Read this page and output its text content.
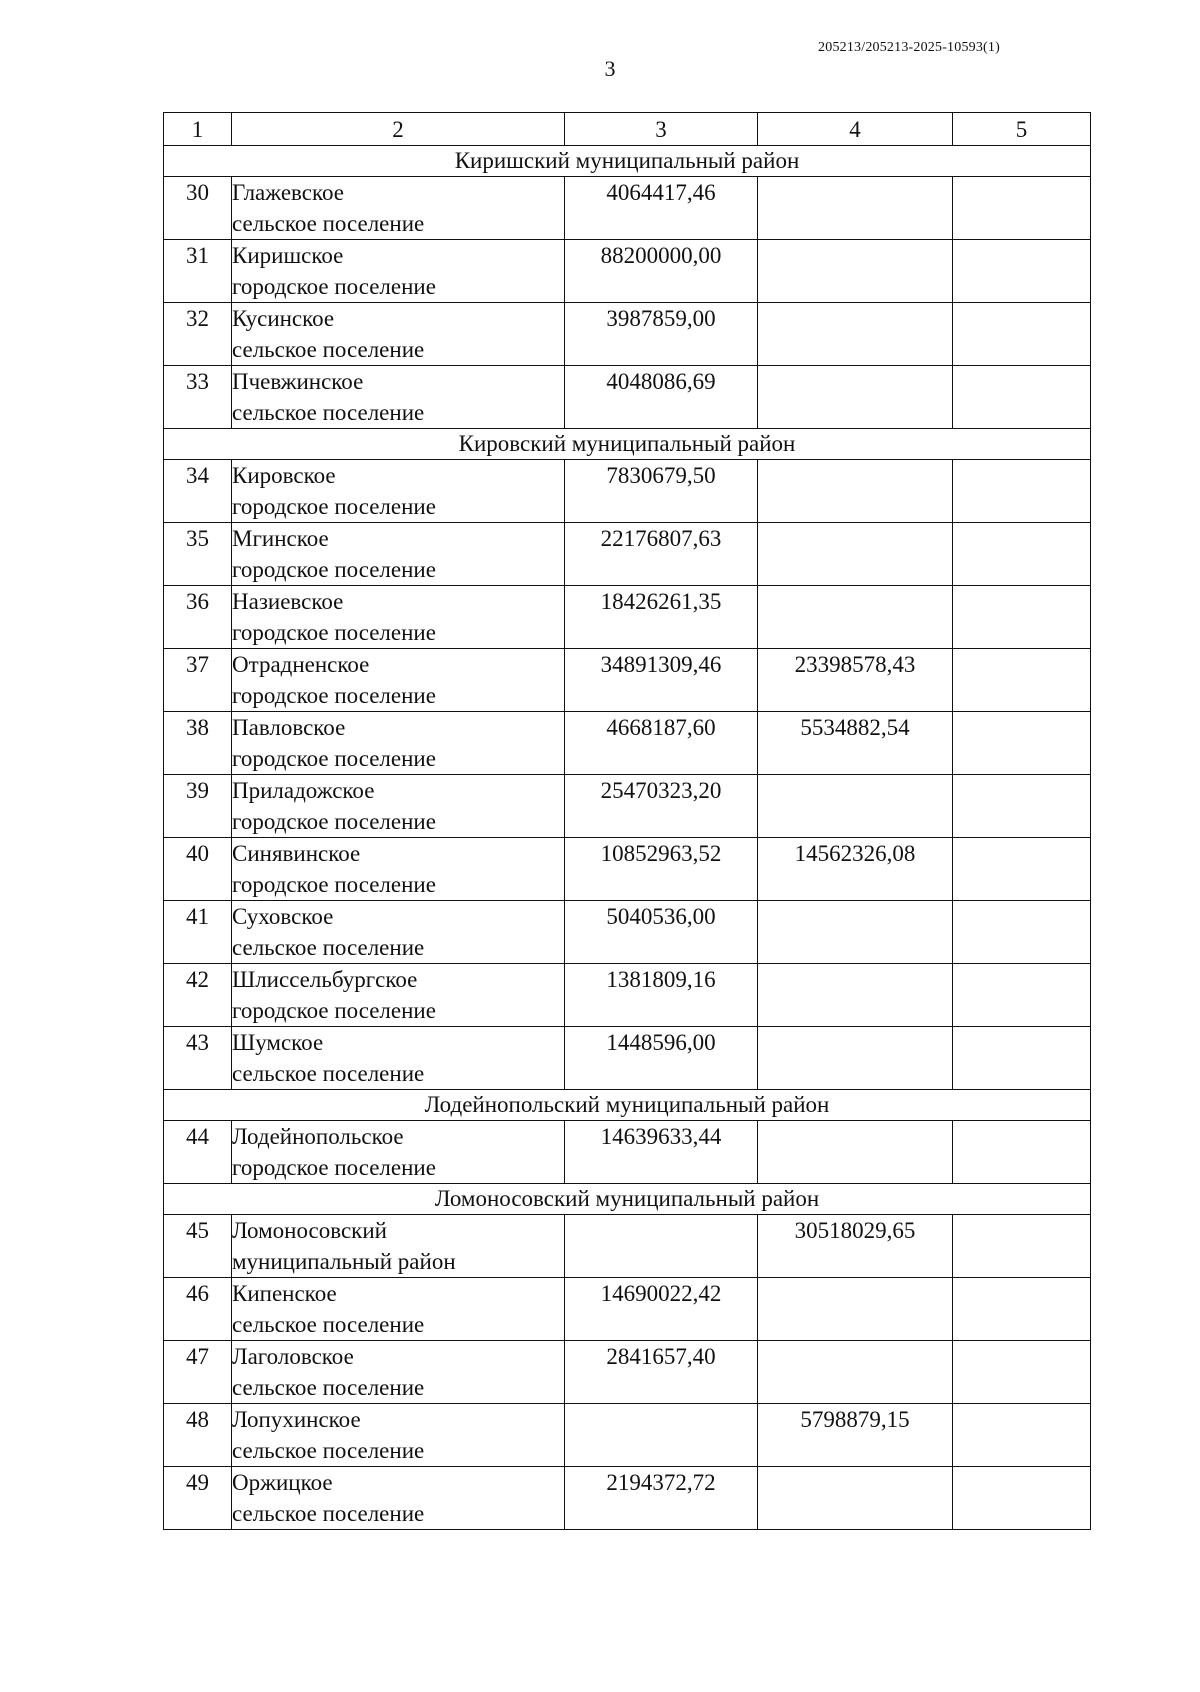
205213/205213-2025-10593(1)
3
1	2	3	4	5
Киришский муниципальный район				
30	Глажевское
сельское поселение	4064417,46		
31	Киришское
городское поселение	88200000,00		
32	Кусинское
сельское поселение	3987859,00		
33	Пчевжинское
сельское поселение	4048086,69		
Кировский муниципальный район				
34	Кировское
городское поселение	7830679,50		
35	Мгинское
городское поселение	22176807,63		
36	Назиевское
городское поселение	18426261,35		
37	Отрадненское
городское поселение	34891309,46	23398578,43	
38	Павловское
городское поселение	4668187,60	5534882,54	
39	Приладожское
городское поселение	25470323,20		
40	Синявинское
городское поселение	10852963,52	14562326,08	
41	Суховское
сельское поселение	5040536,00		
42	Шлиссельбургское
городское поселение	1381809,16		
43	Шумское
сельское поселение	1448596,00		
Лодейнопольский муниципальный район				
44	Лодейнопольское
городское поселение	14639633,44		
Ломоносовский муниципальный район				
45	Ломоносовский
муниципальный район		30518029,65	
46	Кипенское
сельское поселение	14690022,42		
47	Лаголовское
сельское поселение	2841657,40		
48	Лопухинское
сельское поселение		5798879,15	
49	Оржицкое
сельское поселение	2194372,72		
